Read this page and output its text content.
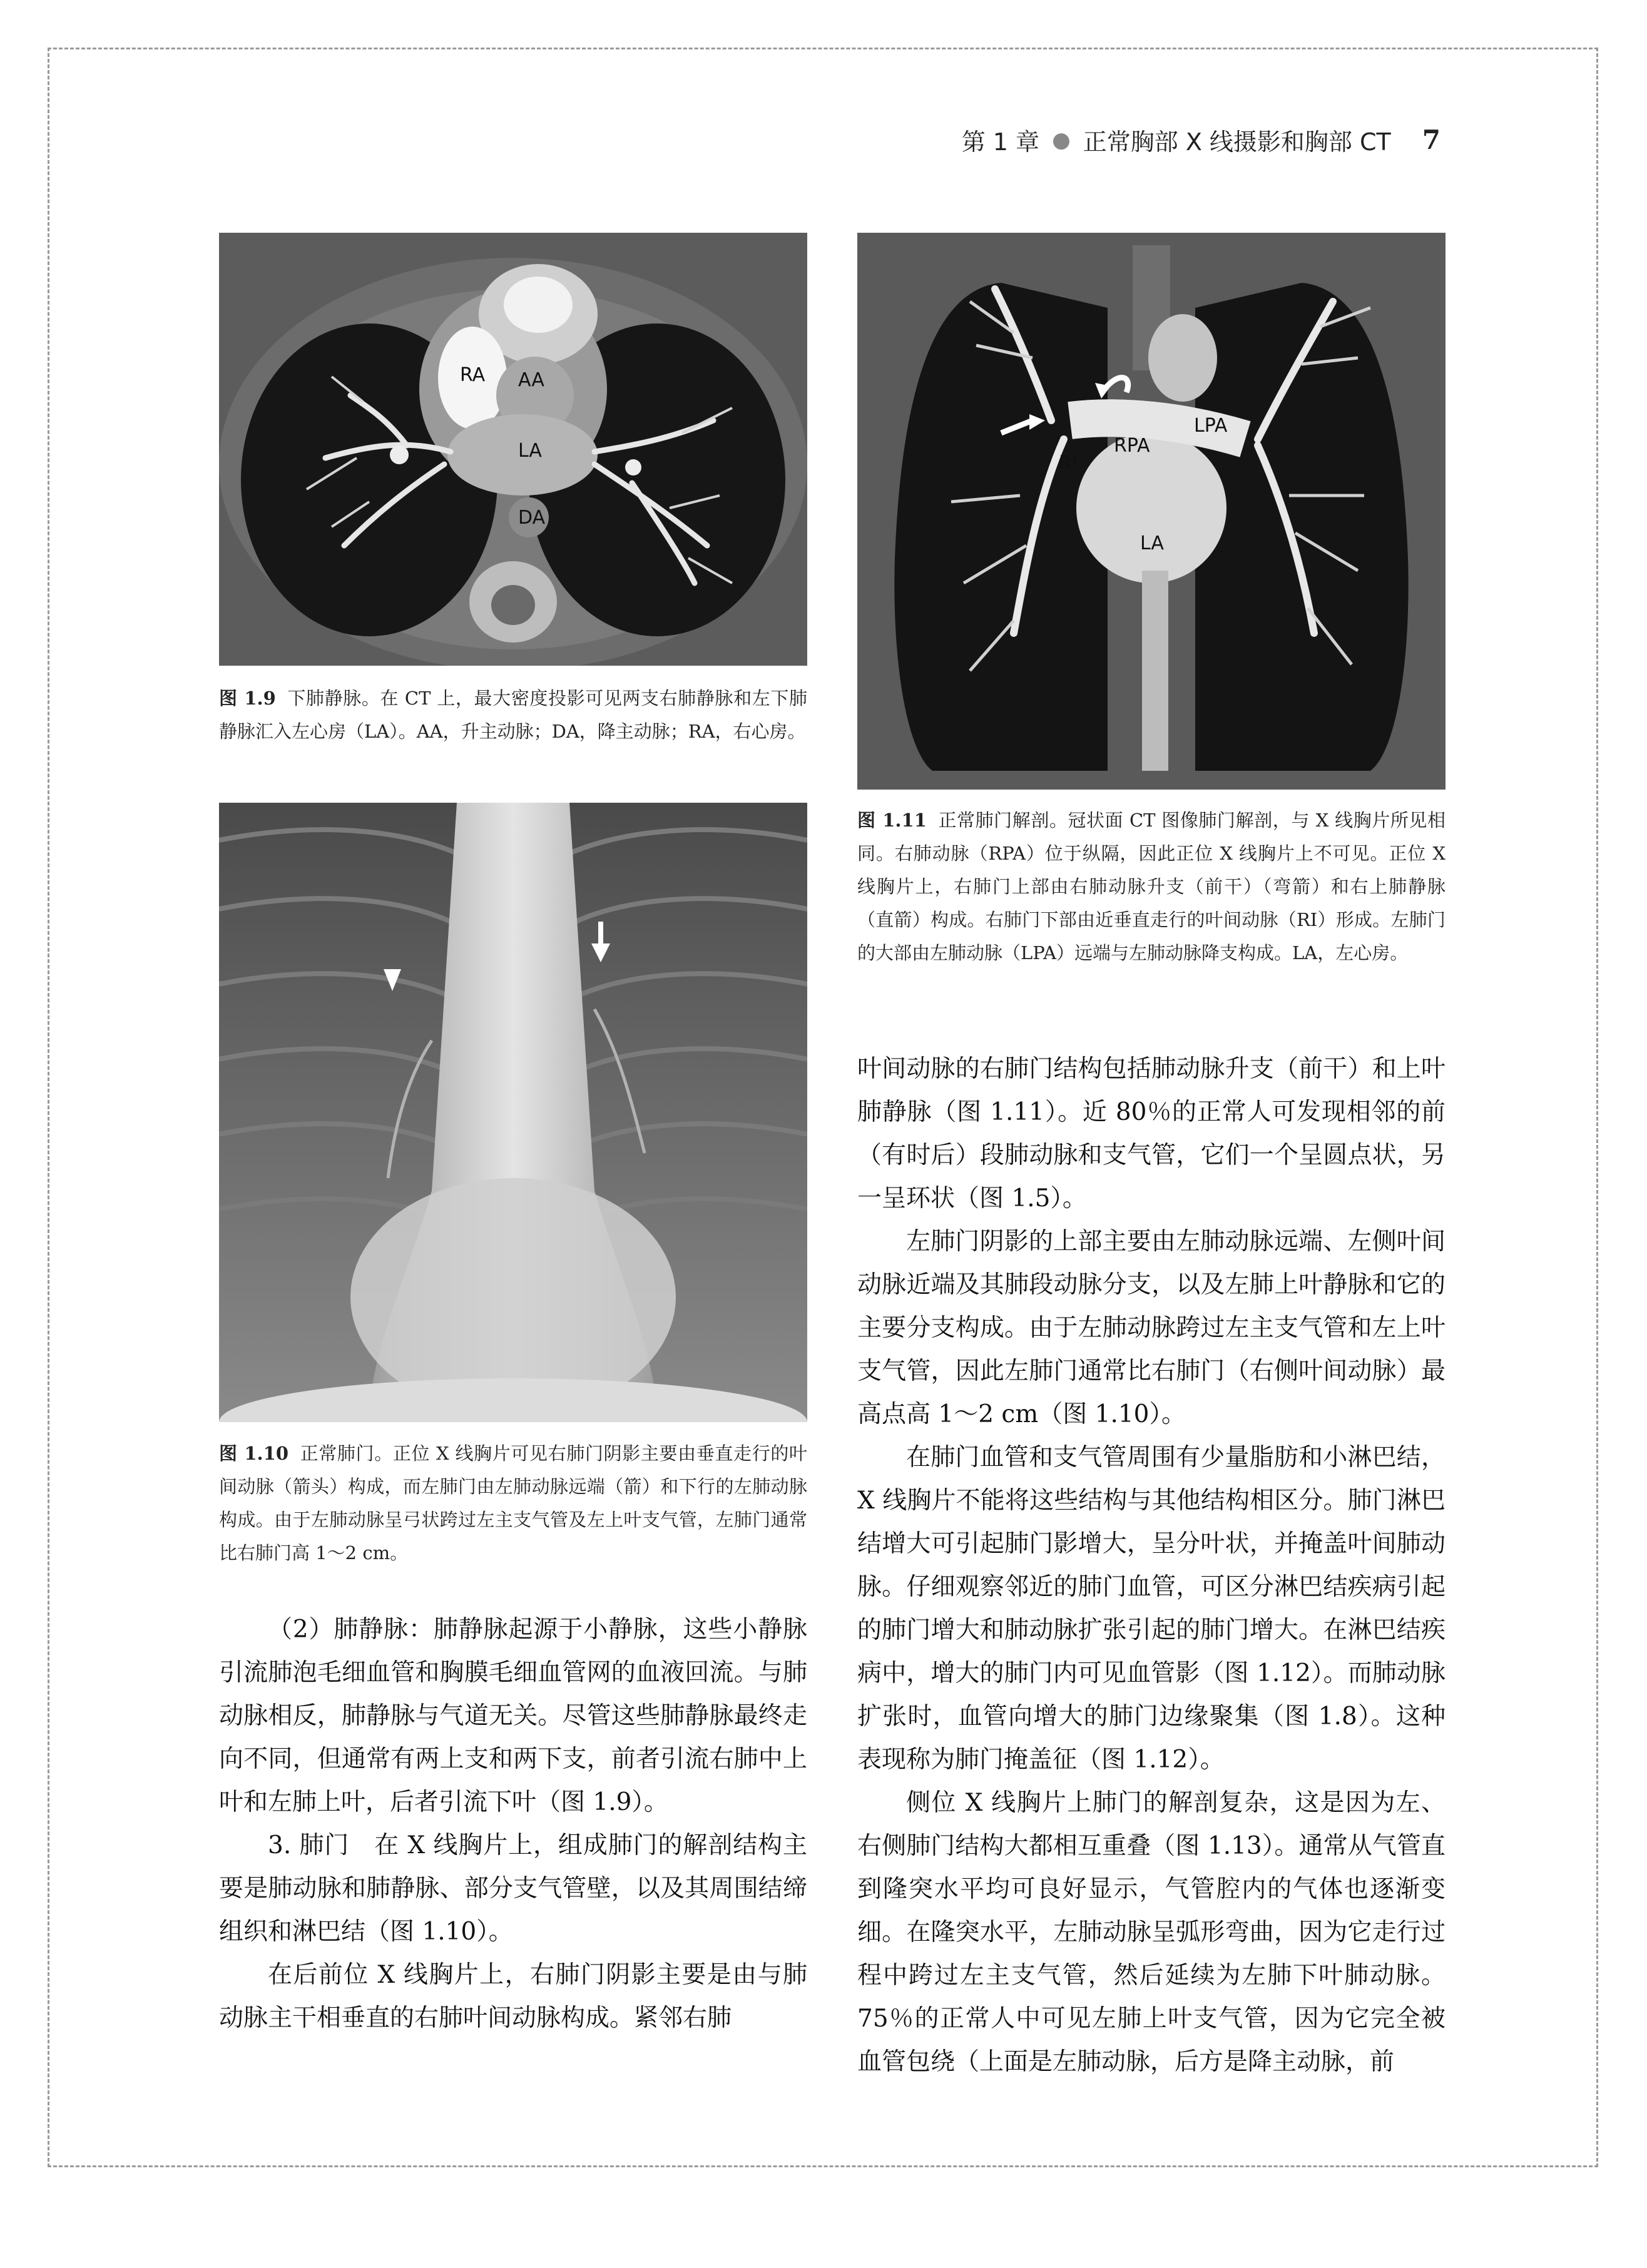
第 1 章 ● 正常胸部 X 线摄影和胸部 CT 7
RA AA
LA
DA
RI
RPA
LPA
LA
图 1.9 下肺静脉。在 CT 上，最大密度投影可见两支右肺静脉和左下肺静脉汇入左心房（LA）。AA，升主动脉；DA，降主动脉；RA，右心房。
图 1.10 正常肺门。正位 X 线胸片可见右肺门阴影主要由垂直走行的叶间动脉（箭头）构成，而左肺门由左肺动脉远端（箭）和下行的左肺动脉构成。由于左肺动脉呈弓状跨过左主支气管及左上叶支气管，左肺门通常比右肺门高 1～2 cm。
图 1.11 正常肺门解剖。冠状面 CT 图像肺门解剖，与 X 线胸片所见相同。右肺动脉（RPA）位于纵隔，因此正位 X 线胸片上不可见。正位 X 线胸片上，右肺门上部由右肺动脉升支（前干）（弯箭）和右上肺静脉（直箭）构成。右肺门下部由近垂直走行的叶间动脉（RI）形成。左肺门的大部由左肺动脉（LPA）远端与左肺动脉降支构成。LA，左心房。

（2）肺静脉：肺静脉起源于小静脉，这些小静脉引流肺泡毛细血管和胸膜毛细血管网的血液回流。与肺动脉相反，肺静脉与气道无关。尽管这些肺静脉最终走向不同，但通常有两上支和两下支，前者引流右肺中上叶和左肺上叶，后者引流下叶（图 1.9）。

3. 肺门　在 X 线胸片上，组成肺门的解剖结构主要是肺动脉和肺静脉、部分支气管壁，以及其周围结缔组织和淋巴结（图 1.10）。

在后前位 X 线胸片上，右肺门阴影主要是由与肺动脉主干相垂直的右肺叶间动脉构成。紧邻右肺

叶间动脉的右肺门结构包括肺动脉升支（前干）和上叶肺静脉（图 1.11）。近 80％的正常人可发现相邻的前（有时后）段肺动脉和支气管，它们一个呈圆点状，另一呈环状（图 1.5）。

左肺门阴影的上部主要由左肺动脉远端、左侧叶间动脉近端及其肺段动脉分支，以及左肺上叶静脉和它的主要分支构成。由于左肺动脉跨过左主支气管和左上叶支气管，因此左肺门通常比右肺门（右侧叶间动脉）最高点高 1～2 cm（图 1.10）。

在肺门血管和支气管周围有少量脂肪和小淋巴结，X 线胸片不能将这些结构与其他结构相区分。肺门淋巴结增大可引起肺门影增大，呈分叶状，并掩盖叶间肺动脉。仔细观察邻近的肺门血管，可区分淋巴结疾病引起的肺门增大和肺动脉扩张引起的肺门增大。在淋巴结疾病中，增大的肺门内可见血管影（图 1.12）。而肺动脉扩张时，血管向增大的肺门边缘聚集（图 1.8）。这种表现称为肺门掩盖征（图 1.12）。

侧位 X 线胸片上肺门的解剖复杂，这是因为左、右侧肺门结构大都相互重叠（图 1.13）。通常从气管直到隆突水平均可良好显示，气管腔内的气体也逐渐变细。在隆突水平，左肺动脉呈弧形弯曲，因为它走行过程中跨过左主支气管，然后延续为左肺下叶肺动脉。75％的正常人中可见左肺上叶支气管，因为它完全被血管包绕（上面是左肺动脉，后方是降主动脉，前
